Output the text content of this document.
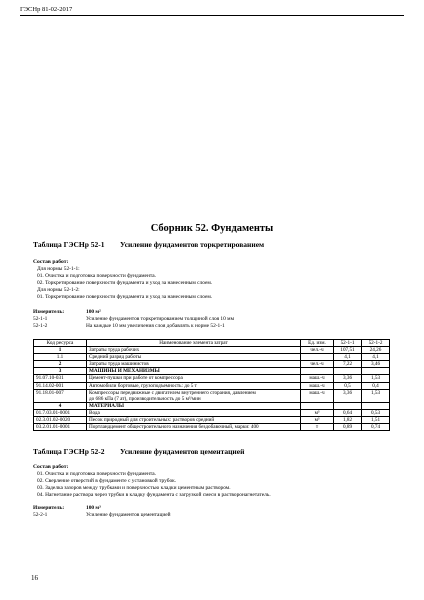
ГЭСНр 81-02-2017
Сборник 52. Фундаменты
Таблица ГЭСНр 52-1 Усиление фундаментов торкретированием
Состав работ:
Для нормы 52-1-1:
01. Очистка и подготовка поверхности фундамента.
02. Торкретирование поверхности фундамента и уход за нанесенным слоем.
Для нормы 52-1-2:
01. Торкретирование поверхности фундамента и уход за нанесенным слоем.
Измеритель:	100 м²
52-1-1	Усиление фундаментов торкретированием толщиной слоя 10 мм
52-1-2	На каждые 10 мм увеличения слоя добавлять к норме 52-1-1
Код ресурса	Наименование элемента затрат	Ед. изм.	52-1-1	52-1-2
1	Затраты труда рабочих	чел.-ч	107,51	24,26
1.1	Средний разряд работы		4,1	4,1
2	Затраты труда машинистов	чел.-ч	7,22	3,46
3	МАШИНЫ И МЕХАНИЗМЫ			
91.07.10-031	Цемент-пушки при работе от компрессора	маш.-ч	3,36	1,53
91.14.02-001	Автомобили бортовые, грузоподъемность: до 5 т	маш.-ч	0,5	0,4
91.18.01-007	Компрессоры передвижные с двигателем внутреннего сгорания, давлением
до 686 кПа (7 ат), производительность до 5 м³/мин	маш.-ч	3,36	1,53
4	МАТЕРИАЛЫ			
01.7.03.01-0001	Вода	м³	0,64	0,53
02.3.01.02-0020	Песок природный для строительных: растворов средний	м³	1,82	1,51
03.2.01.01-0001	Портландцемент общестроительного назначения бездобавочный, марки: 400	т	0,89	0,74
Таблица ГЭСНр 52-2 Усиление фундаментов цементацией
Состав работ:
01. Очистка и подготовка поверхности фундамента.
02. Сверление отверстий в фундаменте с установкой трубок.
03. Заделка зазоров между трубками и поверхностью кладки цементным раствором.
04. Нагнетание раствора через трубки в кладку фундамента с загрузкой смеси в растворонагнетатель.
Измеритель:	100 м³
52-2-1	Усиление фундаментов цементацией
16
